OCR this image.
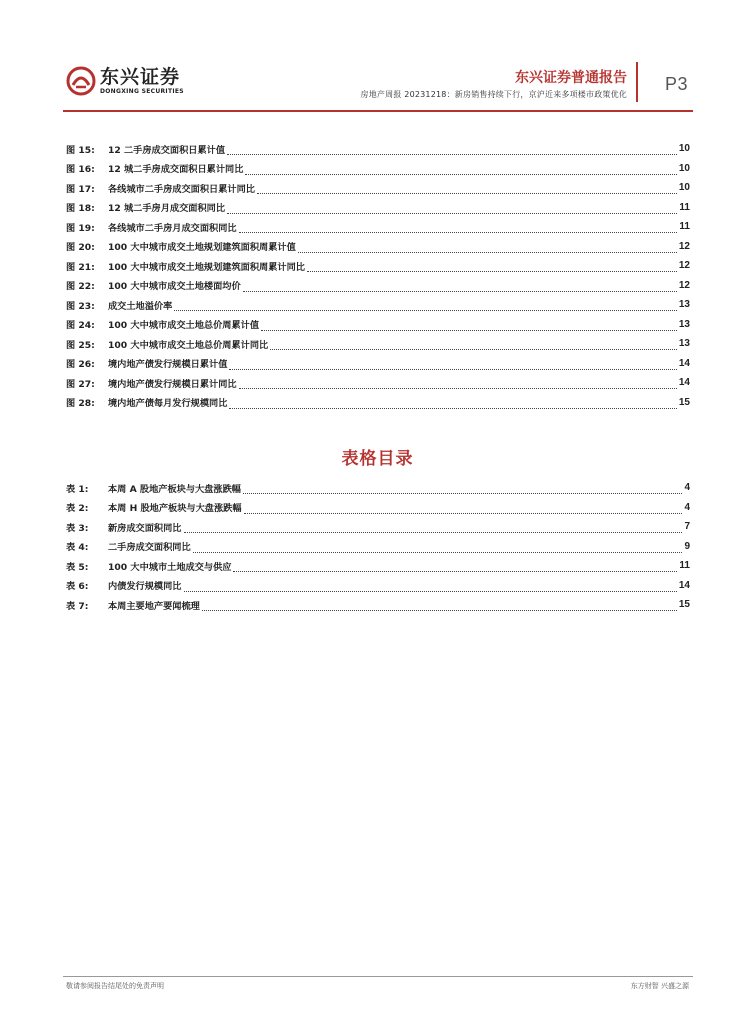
东兴证券
DONGXING SECURITIES
东兴证券普通报告
房地产周报 20231218：新房销售持续下行，京沪近来多项楼市政策优化
P3
图 15:	12 二手房成交面积日累计值	10
图 16:	12 城二手房成交面积日累计同比	10
图 17:	各线城市二手房成交面积日累计同比	10
图 18:	12 城二手房月成交面积同比	11
图 19:	各线城市二手房月成交面积同比	11
图 20:	100 大中城市成交土地规划建筑面积周累计值	12
图 21:	100 大中城市成交土地规划建筑面积周累计同比	12
图 22:	100 大中城市成交土地楼面均价	12
图 23:	成交土地溢价率	13
图 24:	100 大中城市成交土地总价周累计值	13
图 25:	100 大中城市成交土地总价周累计同比	13
图 26:	境内地产债发行规模日累计值	14
图 27:	境内地产债发行规模日累计同比	14
图 28:	境内地产债每月发行规模同比	15
表格目录
表 1:	本周 A 股地产板块与大盘涨跌幅	4
表 2:	本周 H 股地产板块与大盘涨跌幅	4
表 3:	新房成交面积同比	7
表 4:	二手房成交面积同比	9
表 5:	100 大中城市土地成交与供应	11
表 6:	内债发行规模同比	14
表 7:	本周主要地产要闻梳理	15
敬请参阅报告结尾处的免责声明	东方财智 兴盛之源
